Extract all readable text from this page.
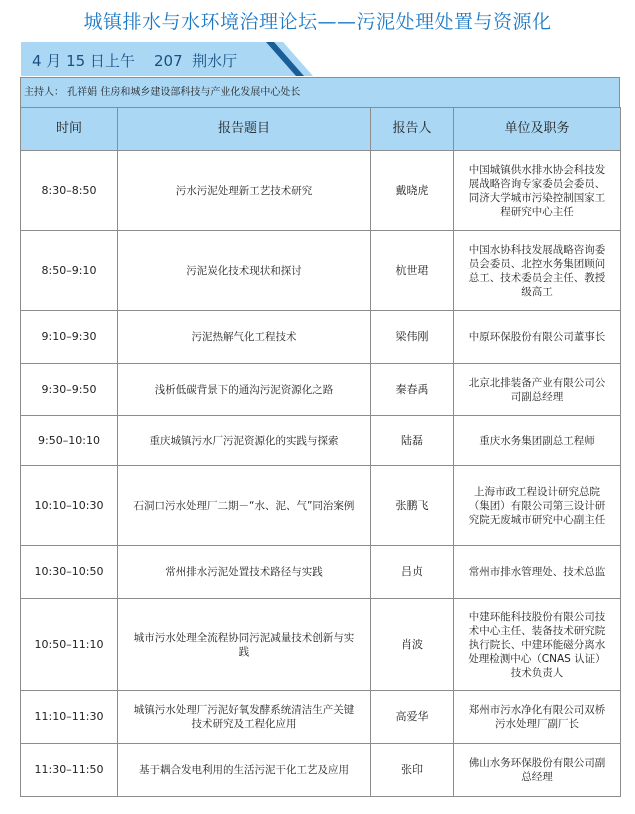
城镇排水与水环境治理论坛——污泥处理处置与资源化
4 月 15 日上午    207  荆水厅
主持人： 孔祥娟 住房和城乡建设部科技与产业化发展中心处长
时间	报告题目	报告人	单位及职务
8:30–8:50	污水污泥处理新工艺技术研究	戴晓虎	中国城镇供水排水协会科技发展战略咨询专家委员会委员、同济大学城市污染控制国家工程研究中心主任
8:50–9:10	污泥炭化技术现状和探讨	杭世珺	中国水协科技发展战略咨询委员会委员、北控水务集团顾问总工、技术委员会主任、教授级高工
9:10–9:30	污泥热解气化工程技术	梁伟刚	中原环保股份有限公司董事长
9:30–9:50	浅析低碳背景下的通沟污泥资源化之路	秦春禹	北京北排装备产业有限公司公司副总经理
9:50–10:10	重庆城镇污水厂污泥资源化的实践与探索	陆磊	重庆水务集团副总工程师
10:10–10:30	石洞口污水处理厂二期－“水、泥、气”同治案例	张鹏飞	上海市政工程设计研究总院（集团）有限公司第三设计研究院无废城市研究中心副主任
10:30–10:50	常州排水污泥处置技术路径与实践	吕贞	常州市排水管理处、技术总监
10:50–11:10	城市污水处理全流程协同污泥减量技术创新与实践	肖波	中建环能科技股份有限公司技术中心主任、装备技术研究院执行院长、中建环能磁分离水处理检测中心（CNAS 认证）技术负责人
11:10–11:30	城镇污水处理厂污泥好氧发酵系统清洁生产关键技术研究及工程化应用	高爱华	郑州市污水净化有限公司双桥污水处理厂副厂长
11:30–11:50	基于耦合发电利用的生活污泥干化工艺及应用	张印	佛山水务环保股份有限公司副总经理
